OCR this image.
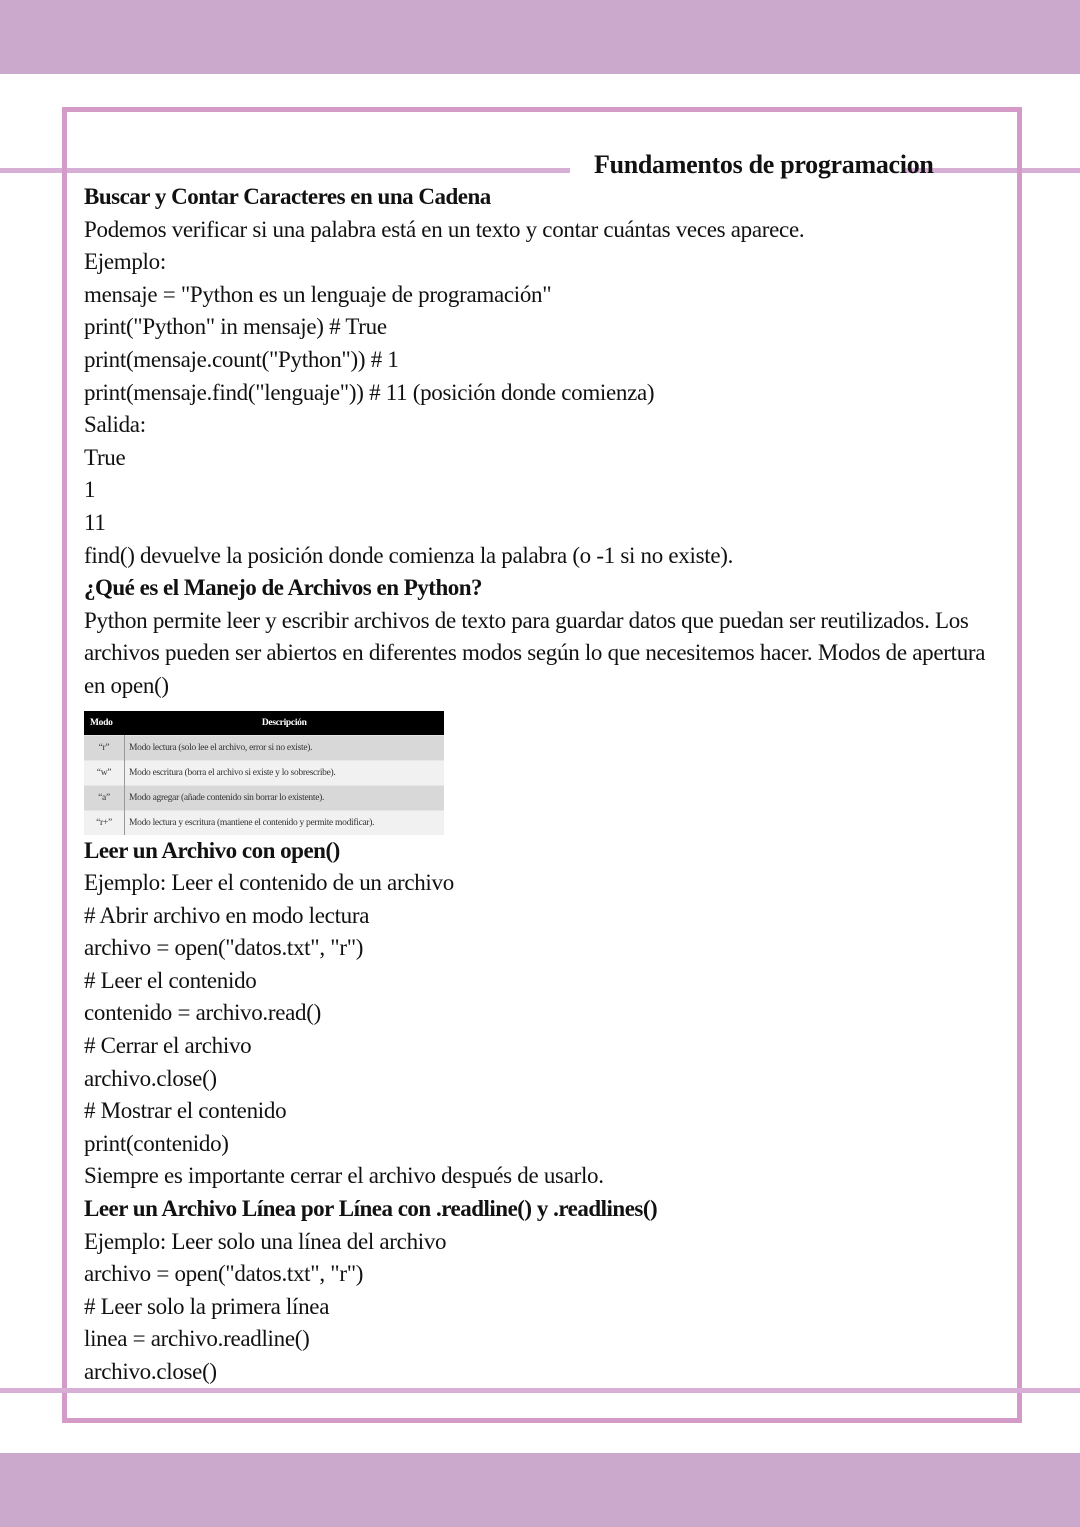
Fundamentos de programacion

Buscar y Contar Caracteres en una Cadena

Podemos verificar si una palabra está en un texto y contar cuántas veces aparece.

Ejemplo:

mensaje = "Python es un lenguaje de programación"

print("Python" in mensaje) # True

print(mensaje.count("Python")) # 1

print(mensaje.find("lenguaje")) # 11 (posición donde comienza)

Salida:

True

1

11

find() devuelve la posición donde comienza la palabra (o -1 si no existe).

¿Qué es el Manejo de Archivos en Python?

Python permite leer y escribir archivos de texto para guardar datos que puedan ser reutilizados. Los archivos pueden ser abiertos en diferentes modos según lo que necesitemos hacer. Modos de apertura en open()

Modo	Descripción
“r”	Modo lectura (solo lee el archivo, error si no existe).
“w”	Modo escritura (borra el archivo si existe y lo sobrescribe).
“a”	Modo agregar (añade contenido sin borrar lo existente).
“r+”	Modo lectura y escritura (mantiene el contenido y permite modificar).

Leer un Archivo con open()

Ejemplo: Leer el contenido de un archivo

# Abrir archivo en modo lectura

archivo = open("datos.txt", "r")

# Leer el contenido

contenido = archivo.read()

# Cerrar el archivo

archivo.close()

# Mostrar el contenido

print(contenido)

Siempre es importante cerrar el archivo después de usarlo.

Leer un Archivo Línea por Línea con .readline() y .readlines()

Ejemplo: Leer solo una línea del archivo

archivo = open("datos.txt", "r")

# Leer solo la primera línea

linea = archivo.readline()

archivo.close()
